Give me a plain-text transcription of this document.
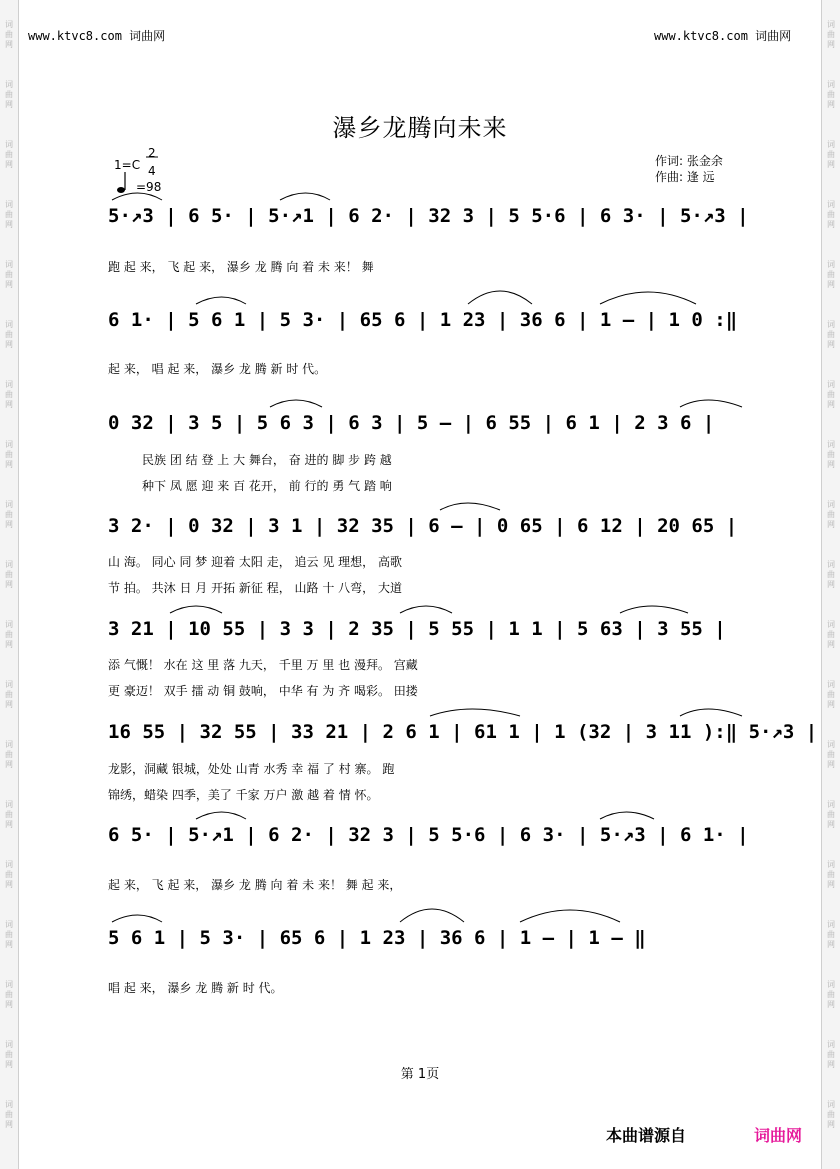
词
曲
网
词
曲
网
词
曲
网
词
曲
网
词
曲
网
词
曲
网
词
曲
网
词
曲
网
词
曲
网
词
曲
网
词
曲
网
词
曲
网
词
曲
网
词
曲
网
词
曲
网
词
曲
网
词
曲
网
词
曲
网
词
曲
网
词
曲
网
词
曲
网
词
曲
网
词
曲
网
词
曲
网
词
曲
网
词
曲
网
词
曲
网
词
曲
网
词
曲
网
词
曲
网
词
曲
网
词
曲
网
词
曲
网
词
曲
网
词
曲
网
词
曲
网
词
曲
网
词
曲
网
www.ktvc8.com 词曲网	www.ktvc8.com 词曲网
瀑乡龙腾向未来
1=C
2
4
=98
作词: 张金余
作曲: 逢 远
5·↗3 | 6 5· | 5·↗1 | 6 2· | 32 3 | 5 5·6 | 6 3· | 5·↗3 |
跑 起 来， 飞 起 来， 瀑乡 龙 腾 向 着 未 来！ 舞
6 1· | 5 6 1 | 5 3· | 65 6 | 1 23 | 36 6 | 1 — | 1 0 :‖
起 来， 唱 起 来， 瀑乡 龙 腾 新 时 代。
0 32 | 3 5 | 5 6 3 | 6 3 | 5 — | 6 55 | 6 1 | 2 3 6 |
民族 团 结 登 上 大 舞台， 奋 进的 脚 步 跨 越
种下 凤 愿 迎 来 百 花开， 前 行的 勇 气 踏 响
3 2· | 0 32 | 3 1 | 32 35 | 6 — | 0 65 | 6 12 | 20 65 |
山 海。 同心 同 梦 迎着 太阳 走， 追云 见 理想， 高歌
节 拍。 共沐 日 月 开拓 新征 程， 山路 十 八弯， 大道
3 21 | 10 55 | 3 3 | 2 35 | 5 55 | 1 1 | 5 63 | 3 55 |
添 气慨！ 水在 这 里 落 九天， 千里 万 里 也 漫拜。 宫藏
更 豪迈！ 双手 擂 动 铜 鼓响， 中华 有 为 齐 喝彩。 田搂
16 55 | 32 55 | 33 21 | 2 6 1 | 61 1 | 1 (32 | 3 11 ):‖ 5·↗3 |
龙影，洞藏 银城，处处 山青 水秀 幸 福 了 村 寨。 跑
锦绣，蜡染 四季，美了 千家 万户 激 越 着 情 怀。
6 5· | 5·↗1 | 6 2· | 32 3 | 5 5·6 | 6 3· | 5·↗3 | 6 1· |
起 来， 飞 起 来， 瀑乡 龙 腾 向 着 未 来！ 舞 起 来，
5 6 1 | 5 3· | 65 6 | 1 23 | 36 6 | 1 — | 1 — ‖
唱 起 来， 瀑乡 龙 腾 新 时 代。
第 1页
本曲谱源自	词曲网
